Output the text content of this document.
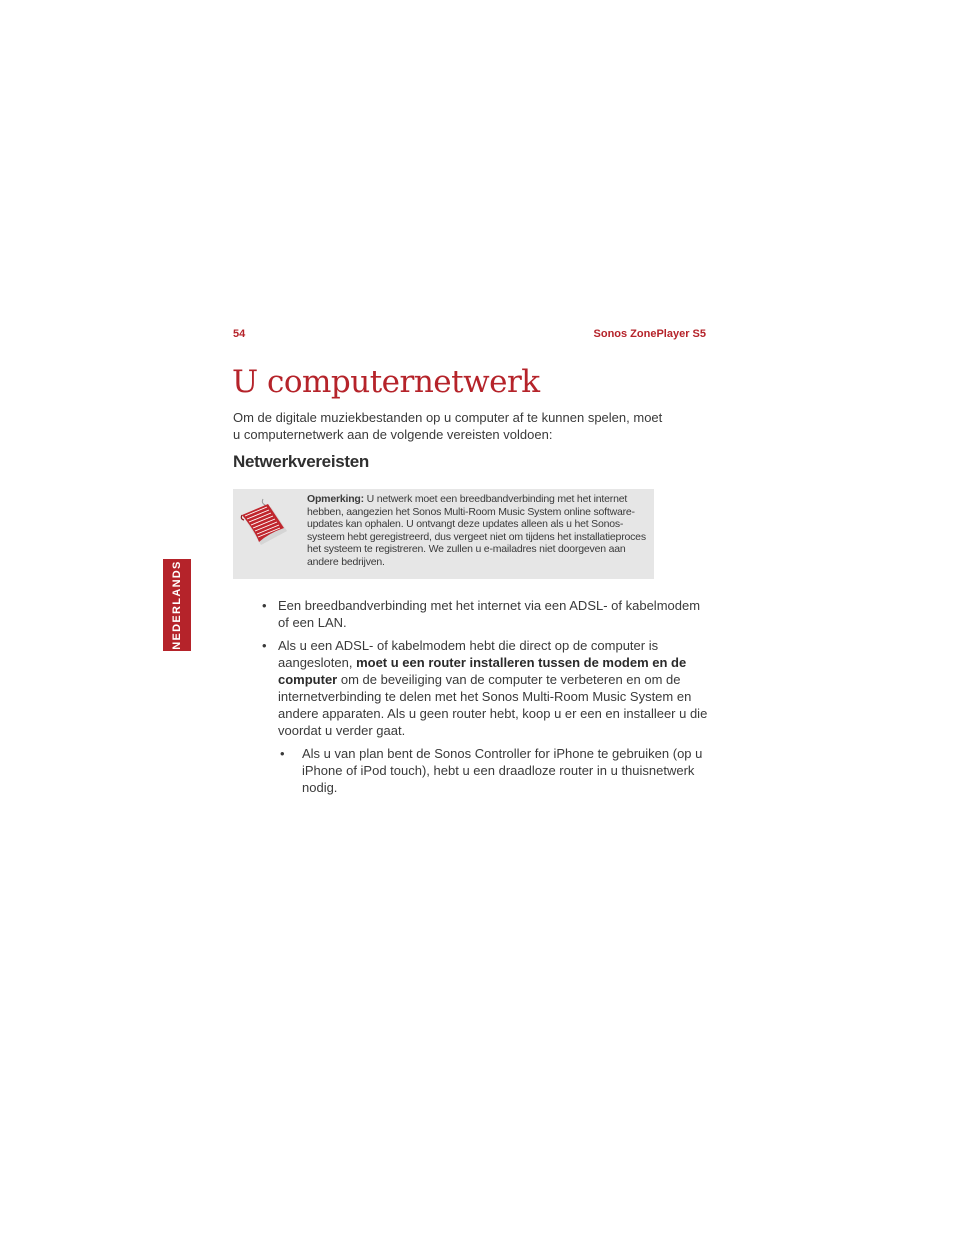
54	Sonos ZonePlayer S5
U computernetwerk
Om de digitale muziekbestanden op u computer af te kunnen spelen, moet u computernetwerk aan de volgende vereisten voldoen:
Netwerkvereisten
Opmerking: U netwerk moet een breedbandverbinding met het internet hebben, aangezien het Sonos Multi-Room Music System online software-updates kan ophalen. U ontvangt deze updates alleen als u het Sonos-systeem hebt geregistreerd, dus vergeet niet om tijdens het installatieproces het systeem te registreren. We zullen u e-mailadres niet doorgeven aan andere bedrijven.
NEDERLANDS	• Een breedbandverbinding met het internet via een ADSL- of kabelmodem of een LAN.
• Als u een ADSL- of kabelmodem hebt die direct op de computer is aangesloten, moet u een router installeren tussen de modem en de computer om de beveiliging van de computer te verbeteren en om de internetverbinding te delen met het Sonos Multi-Room Music System en andere apparaten. Als u geen router hebt, koop u er een en installeer u die voordat u verder gaat.
• Als u van plan bent de Sonos Controller for iPhone te gebruiken (op u iPhone of iPod touch), hebt u een draadloze router in u thuisnetwerk nodig.
